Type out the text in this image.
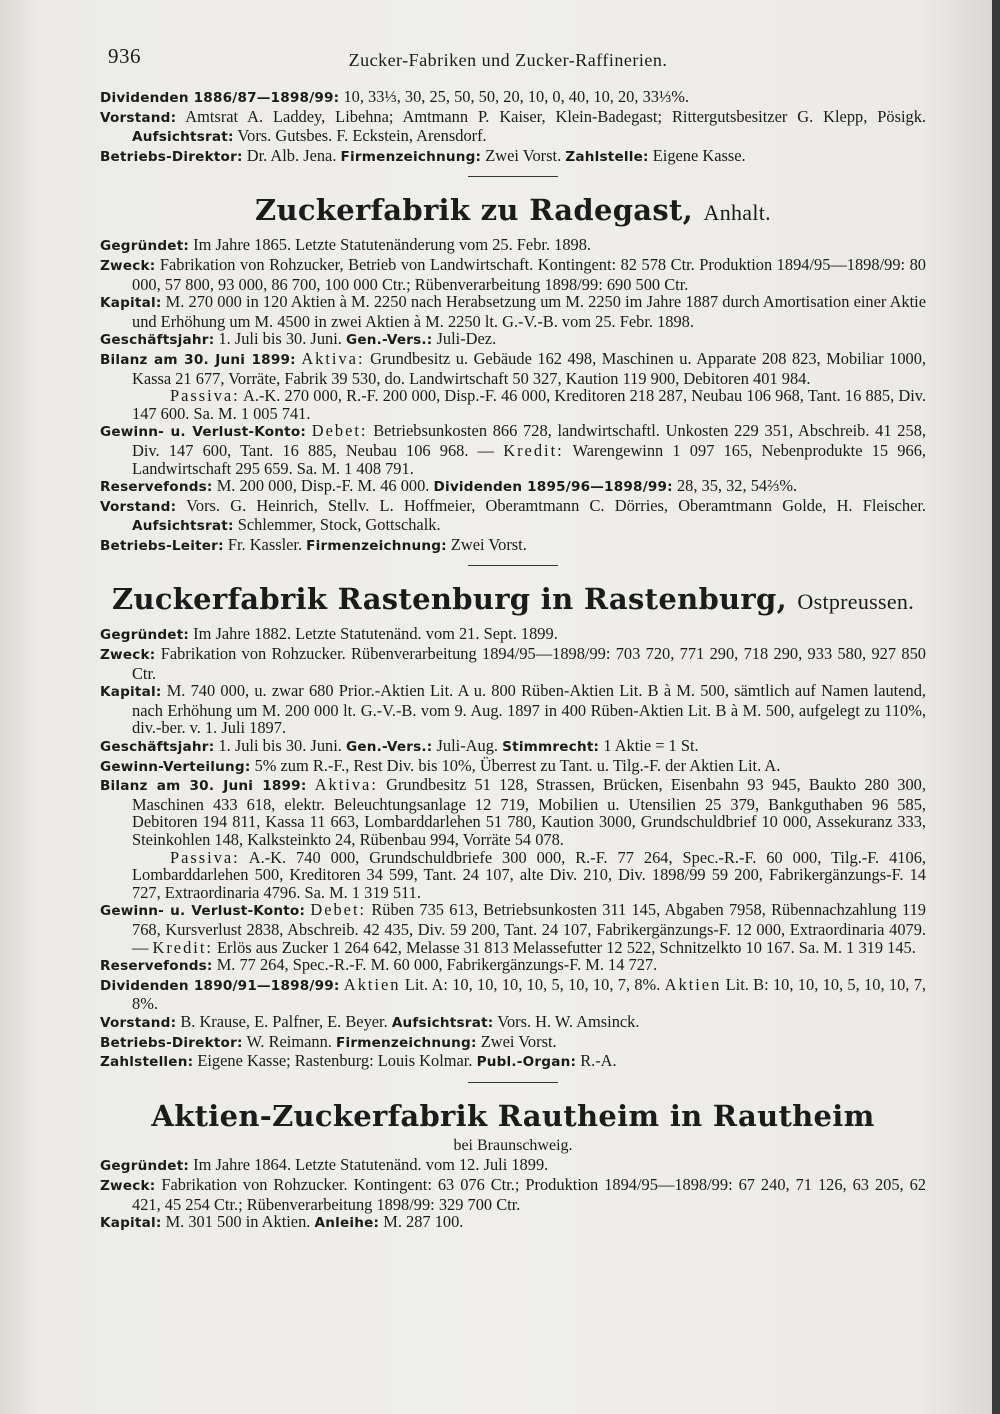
936	Zucker-Fabriken und Zucker-Raffinerien.

Dividenden 1886/87—1898/99: 10, 33⅓, 30, 25, 50, 50, 20, 10, 0, 40, 10, 20, 33⅓%.

Vorstand: Amtsrat A. Laddey, Libehna; Amtmann P. Kaiser, Klein-Badegast; Rittergutsbesitzer G. Klepp, Pösigk. Aufsichtsrat: Vors. Gutsbes. F. Eckstein, Arensdorf.

Betriebs-Direktor: Dr. Alb. Jena. Firmenzeichnung: Zwei Vorst. Zahlstelle: Eigene Kasse.

Zuckerfabrik zu Radegast, Anhalt.

Gegründet: Im Jahre 1865. Letzte Statutenänderung vom 25. Febr. 1898.

Zweck: Fabrikation von Rohzucker, Betrieb von Landwirtschaft. Kontingent: 82 578 Ctr. Produktion 1894/95—1898/99: 80 000, 57 800, 93 000, 86 700, 100 000 Ctr.; Rübenverarbeitung 1898/99: 690 500 Ctr.

Kapital: M. 270 000 in 120 Aktien à M. 2250 nach Herabsetzung um M. 2250 im Jahre 1887 durch Amortisation einer Aktie und Erhöhung um M. 4500 in zwei Aktien à M. 2250 lt. G.-V.-B. vom 25. Febr. 1898.

Geschäftsjahr: 1. Juli bis 30. Juni. Gen.-Vers.: Juli-Dez.

Bilanz am 30. Juni 1899: Aktiva: Grundbesitz u. Gebäude 162 498, Maschinen u. Apparate 208 823, Mobiliar 1000, Kassa 21 677, Vorräte, Fabrik 39 530, do. Landwirtschaft 50 327, Kaution 119 900, Debitoren 401 984.

Passiva: A.-K. 270 000, R.-F. 200 000, Disp.-F. 46 000, Kreditoren 218 287, Neubau 106 968, Tant. 16 885, Div. 147 600. Sa. M. 1 005 741.

Gewinn- u. Verlust-Konto: Debet: Betriebsunkosten 866 728, landwirtschaftl. Unkosten 229 351, Abschreib. 41 258, Div. 147 600, Tant. 16 885, Neubau 106 968. — Kredit: Warengewinn 1 097 165, Nebenprodukte 15 966, Landwirtschaft 295 659. Sa. M. 1 408 791.

Reservefonds: M. 200 000, Disp.-F. M. 46 000. Dividenden 1895/96—1898/99: 28, 35, 32, 54⅔%.

Vorstand: Vors. G. Heinrich, Stellv. L. Hoffmeier, Oberamtmann C. Dörries, Oberamtmann Golde, H. Fleischer. Aufsichtsrat: Schlemmer, Stock, Gottschalk.

Betriebs-Leiter: Fr. Kassler. Firmenzeichnung: Zwei Vorst.

Zuckerfabrik Rastenburg in Rastenburg, Ostpreussen.

Gegründet: Im Jahre 1882. Letzte Statutenänd. vom 21. Sept. 1899.

Zweck: Fabrikation von Rohzucker. Rübenverarbeitung 1894/95—1898/99: 703 720, 771 290, 718 290, 933 580, 927 850 Ctr.

Kapital: M. 740 000, u. zwar 680 Prior.-Aktien Lit. A u. 800 Rüben-Aktien Lit. B à M. 500, sämtlich auf Namen lautend, nach Erhöhung um M. 200 000 lt. G.-V.-B. vom 9. Aug. 1897 in 400 Rüben-Aktien Lit. B à M. 500, aufgelegt zu 110%, div.-ber. v. 1. Juli 1897.

Geschäftsjahr: 1. Juli bis 30. Juni. Gen.-Vers.: Juli-Aug. Stimmrecht: 1 Aktie = 1 St.

Gewinn-Verteilung: 5% zum R.-F., Rest Div. bis 10%, Überrest zu Tant. u. Tilg.-F. der Aktien Lit. A.

Bilanz am 30. Juni 1899: Aktiva: Grundbesitz 51 128, Strassen, Brücken, Eisenbahn 93 945, Baukto 280 300, Maschinen 433 618, elektr. Beleuchtungsanlage 12 719, Mobilien u. Utensilien 25 379, Bankguthaben 96 585, Debitoren 194 811, Kassa 11 663, Lombarddarlehen 51 780, Kaution 3000, Grundschuldbrief 10 000, Assekuranz 333, Steinkohlen 148, Kalksteinkto 24, Rübenbau 994, Vorräte 54 078.

Passiva: A.-K. 740 000, Grundschuldbriefe 300 000, R.-F. 77 264, Spec.-R.-F. 60 000, Tilg.-F. 4106, Lombarddarlehen 500, Kreditoren 34 599, Tant. 24 107, alte Div. 210, Div. 1898/99 59 200, Fabrikergänzungs-F. 14 727, Extraordinaria 4796. Sa. M. 1 319 511.

Gewinn- u. Verlust-Konto: Debet: Rüben 735 613, Betriebsunkosten 311 145, Abgaben 7958, Rübennachzahlung 119 768, Kursverlust 2838, Abschreib. 42 435, Div. 59 200, Tant. 24 107, Fabrikergänzungs-F. 12 000, Extraordinaria 4079. — Kredit: Erlös aus Zucker 1 264 642, Melasse 31 813 Melassefutter 12 522, Schnitzelkto 10 167. Sa. M. 1 319 145.

Reservefonds: M. 77 264, Spec.-R.-F. M. 60 000, Fabrikergänzungs-F. M. 14 727.

Dividenden 1890/91—1898/99: Aktien Lit. A: 10, 10, 10, 10, 5, 10, 10, 7, 8%. Aktien Lit. B: 10, 10, 10, 5, 10, 10, 7, 8%.

Vorstand: B. Krause, E. Palfner, E. Beyer. Aufsichtsrat: Vors. H. W. Amsinck.

Betriebs-Direktor: W. Reimann. Firmenzeichnung: Zwei Vorst.

Zahlstellen: Eigene Kasse; Rastenburg: Louis Kolmar. Publ.-Organ: R.-A.

Aktien-Zuckerfabrik Rautheim in Rautheim
bei Braunschweig.

Gegründet: Im Jahre 1864. Letzte Statutenänd. vom 12. Juli 1899.

Zweck: Fabrikation von Rohzucker. Kontingent: 63 076 Ctr.; Produktion 1894/95—1898/99: 67 240, 71 126, 63 205, 62 421, 45 254 Ctr.; Rübenverarbeitung 1898/99: 329 700 Ctr.

Kapital: M. 301 500 in Aktien. Anleihe: M. 287 100.
